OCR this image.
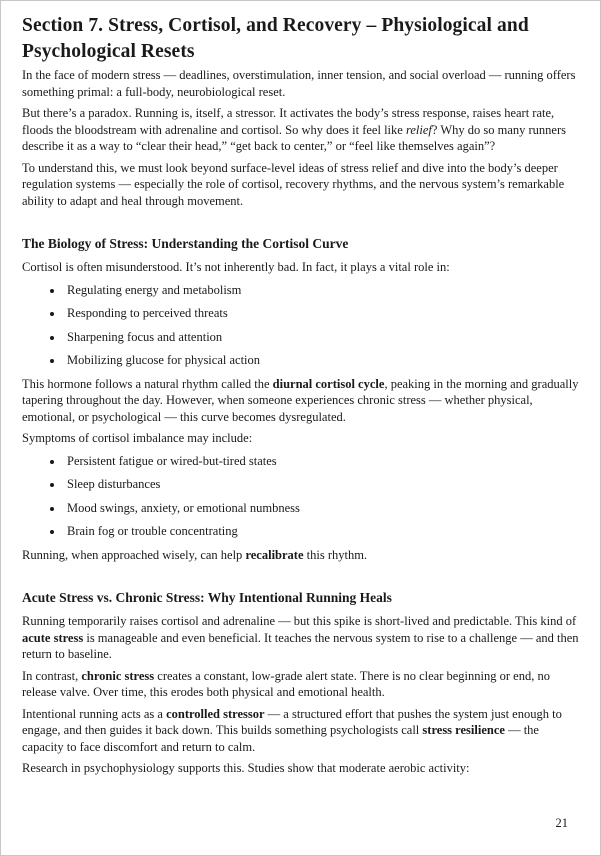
Section 7. Stress, Cortisol, and Recovery – Physiological and Psychological Resets

In the face of modern stress — deadlines, overstimulation, inner tension, and social overload — running offers something primal: a full-body, neurobiological reset.

But there’s a paradox. Running is, itself, a stressor. It activates the body’s stress response, raises heart rate, floods the bloodstream with adrenaline and cortisol. So why does it feel like relief? Why do so many runners describe it as a way to “clear their head,” “get back to center,” or “feel like themselves again”?

To understand this, we must look beyond surface-level ideas of stress relief and dive into the body’s deeper regulation systems — especially the role of cortisol, recovery rhythms, and the nervous system’s remarkable ability to adapt and heal through movement.

The Biology of Stress: Understanding the Cortisol Curve

Cortisol is often misunderstood. It’s not inherently bad. In fact, it plays a vital role in:

• Regulating energy and metabolism
• Responding to perceived threats
• Sharpening focus and attention
• Mobilizing glucose for physical action

This hormone follows a natural rhythm called the diurnal cortisol cycle, peaking in the morning and gradually tapering throughout the day. However, when someone experiences chronic stress — whether physical, emotional, or psychological — this curve becomes dysregulated.

Symptoms of cortisol imbalance may include:

• Persistent fatigue or wired-but-tired states
• Sleep disturbances
• Mood swings, anxiety, or emotional numbness
• Brain fog or trouble concentrating

Running, when approached wisely, can help recalibrate this rhythm.

Acute Stress vs. Chronic Stress: Why Intentional Running Heals

Running temporarily raises cortisol and adrenaline — but this spike is short-lived and predictable. This kind of acute stress is manageable and even beneficial. It teaches the nervous system to rise to a challenge — and then return to baseline.

In contrast, chronic stress creates a constant, low-grade alert state. There is no clear beginning or end, no release valve. Over time, this erodes both physical and emotional health.

Intentional running acts as a controlled stressor — a structured effort that pushes the system just enough to engage, and then guides it back down. This builds something psychologists call stress resilience — the capacity to face discomfort and return to calm.

Research in psychophysiology supports this. Studies show that moderate aerobic activity:

21
